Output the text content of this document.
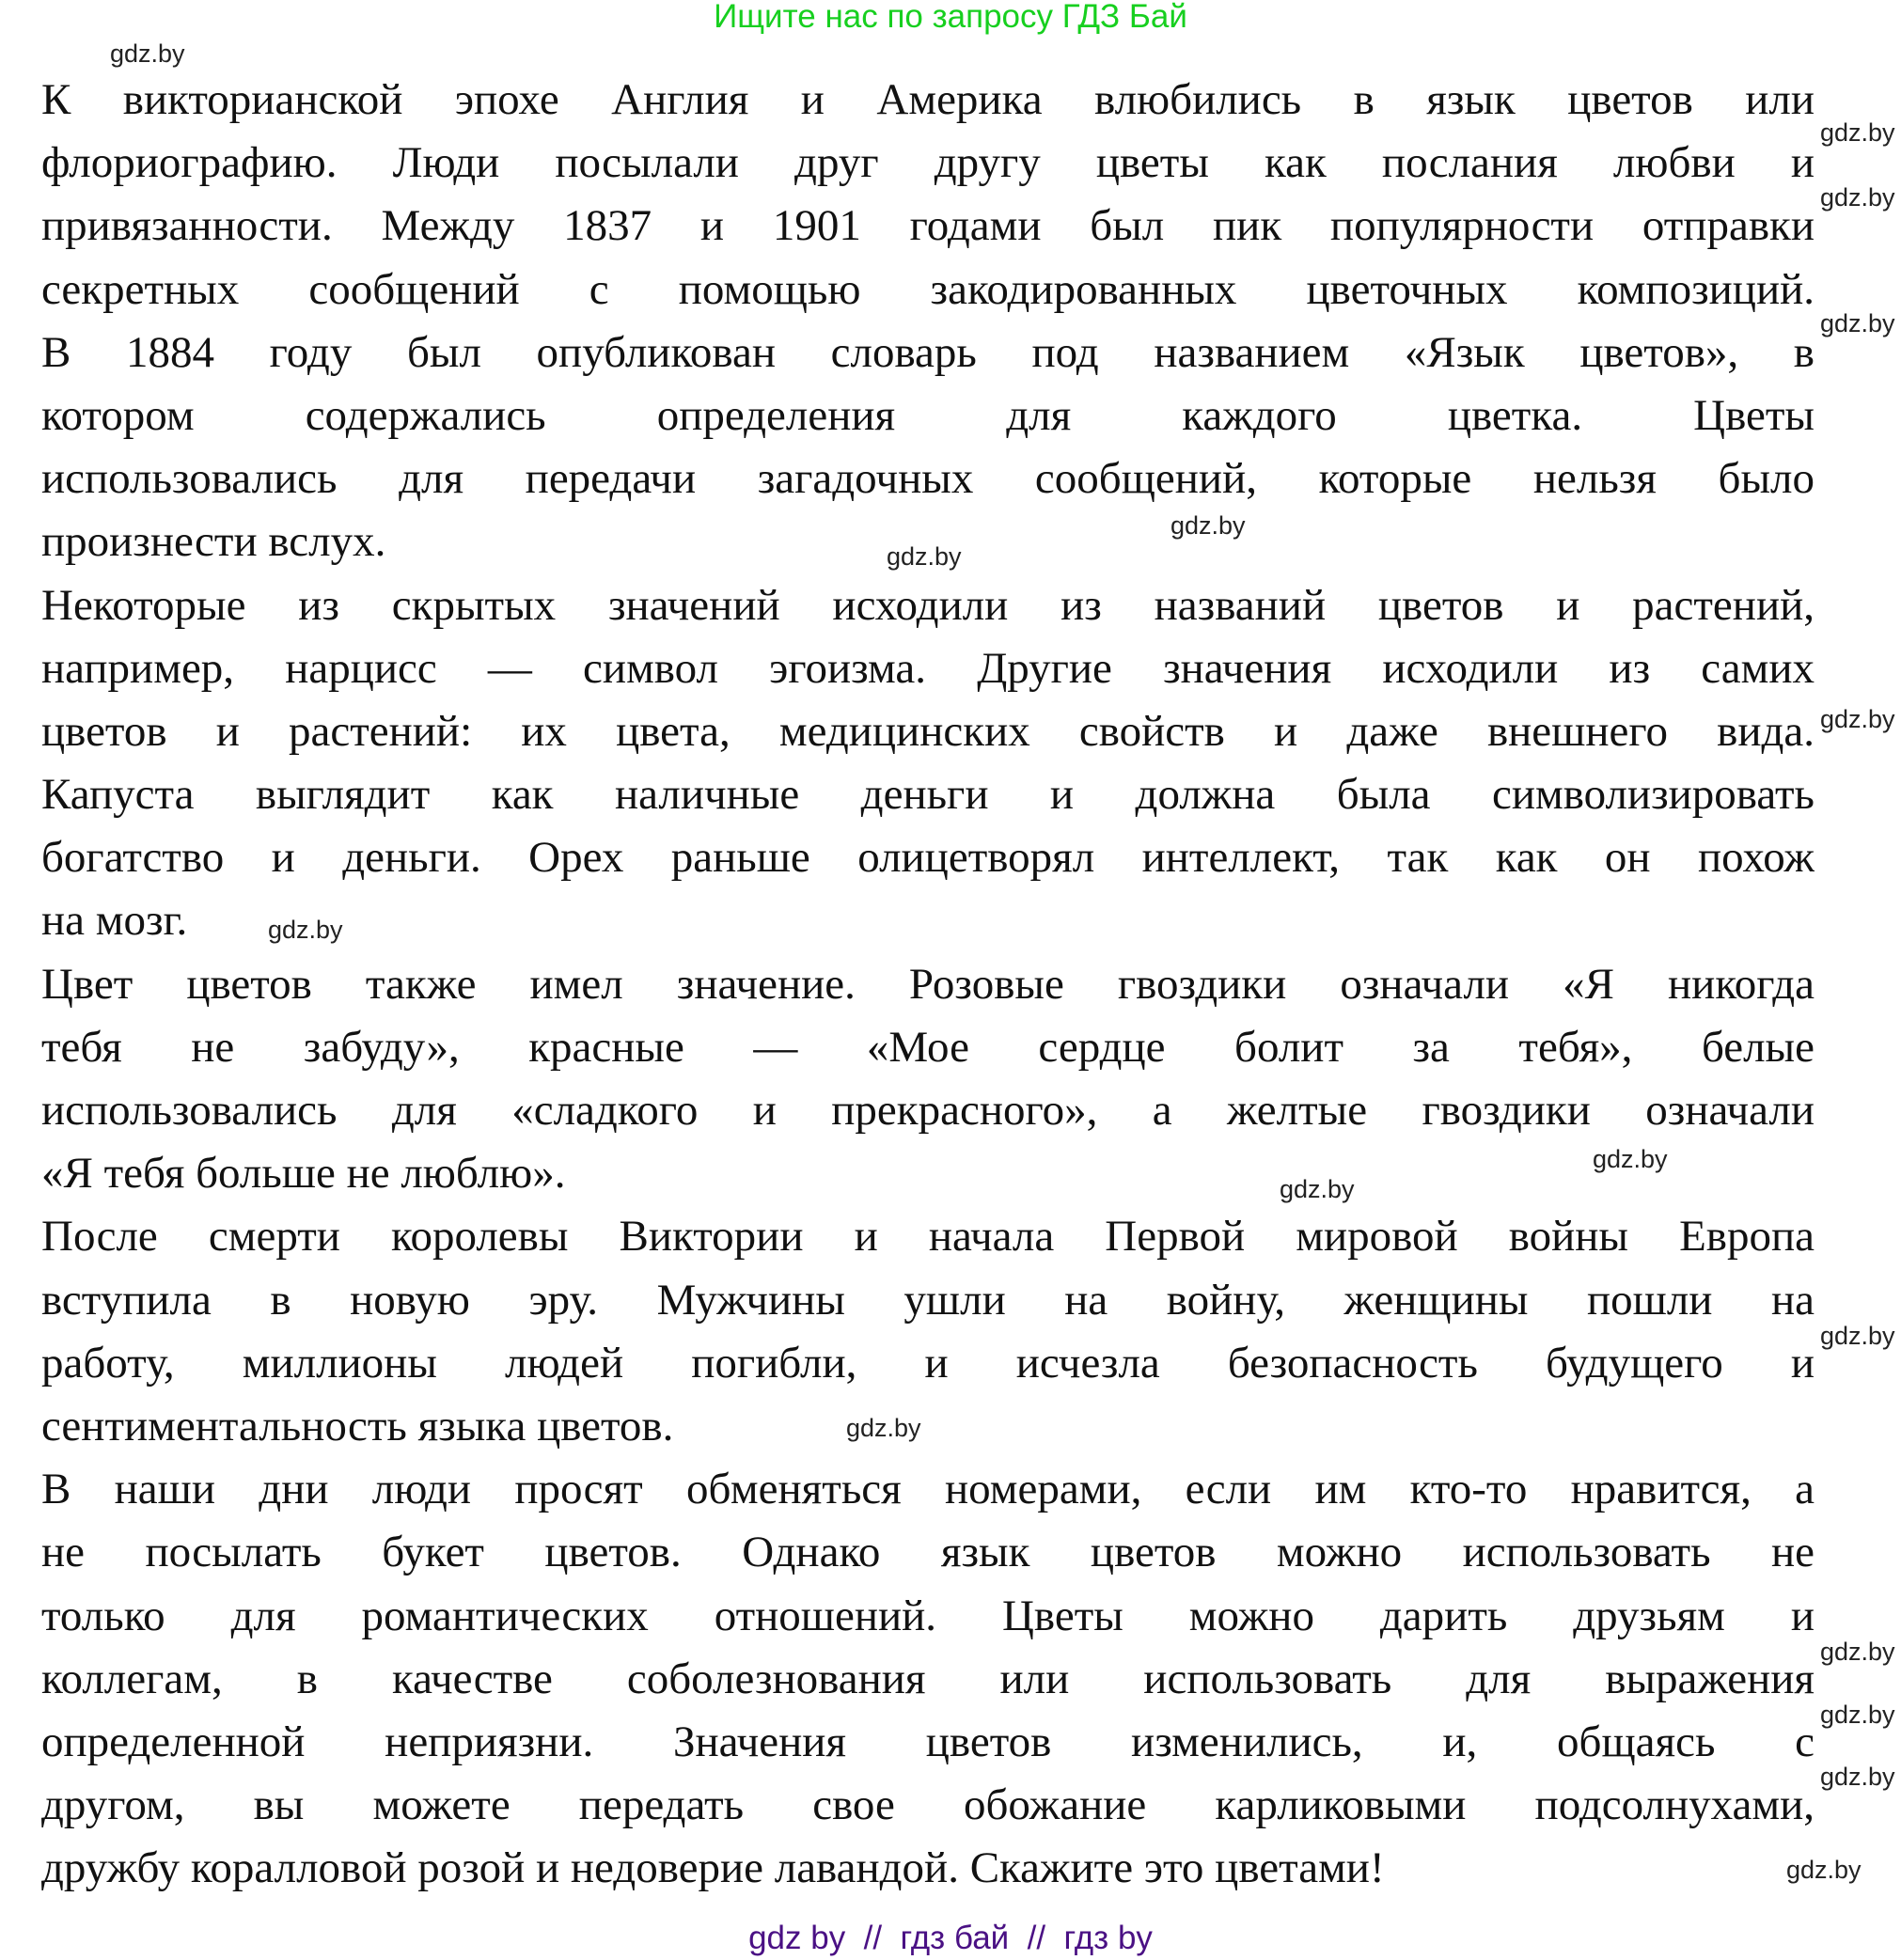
Ищите нас по запросу ГДЗ Бай
К викторианской эпохе Англия и Америка влюбились в язык цветов или
флориографию. Люди посылали друг другу цветы как послания любви и
привязанности. Между 1837 и 1901 годами был пик популярности отправки
секретных сообщений с помощью закодированных цветочных композиций.
В 1884 году был опубликован словарь под названием «Язык цветов», в
котором содержались определения для каждого цветка. Цветы
использовались для передачи загадочных сообщений, которые нельзя было
произнести вслух.
Некоторые из скрытых значений исходили из названий цветов и растений,
например, нарцисс — символ эгоизма. Другие значения исходили из самих
цветов и растений: их цвета, медицинских свойств и даже внешнего вида.
Капуста выглядит как наличные деньги и должна была символизировать
богатство и деньги. Орех раньше олицетворял интеллект, так как он похож
на мозг.
Цвет цветов также имел значение. Розовые гвоздики означали «Я никогда
тебя не забуду», красные — «Мое сердце болит за тебя», белые
использовались для «сладкого и прекрасного», а желтые гвоздики означали
«Я тебя больше не люблю».
После смерти королевы Виктории и начала Первой мировой войны Европа
вступила в новую эру. Мужчины ушли на войну, женщины пошли на
работу, миллионы людей погибли, и исчезла безопасность будущего и
сентиментальность языка цветов.
В наши дни люди просят обменяться номерами, если им кто-то нравится, а
не посылать букет цветов. Однако язык цветов можно использовать не
только для романтических отношений. Цветы можно дарить друзьям и
коллегам, в качестве соболезнования или использовать для выражения
определенной неприязни. Значения цветов изменились, и, общаясь с
другом, вы можете передать свое обожание карликовыми подсолнухами,
дружбу коралловой розой и недоверие лавандой. Скажите это цветами!
gdz.by
gdz.by
gdz.by
gdz.by
gdz.by
gdz.by
gdz.by
gdz.by
gdz.by
gdz.by
gdz.by
gdz.by
gdz.by
gdz.by
gdz.by
gdz.by
gdz by  //  гдз бай  //  гдз by
